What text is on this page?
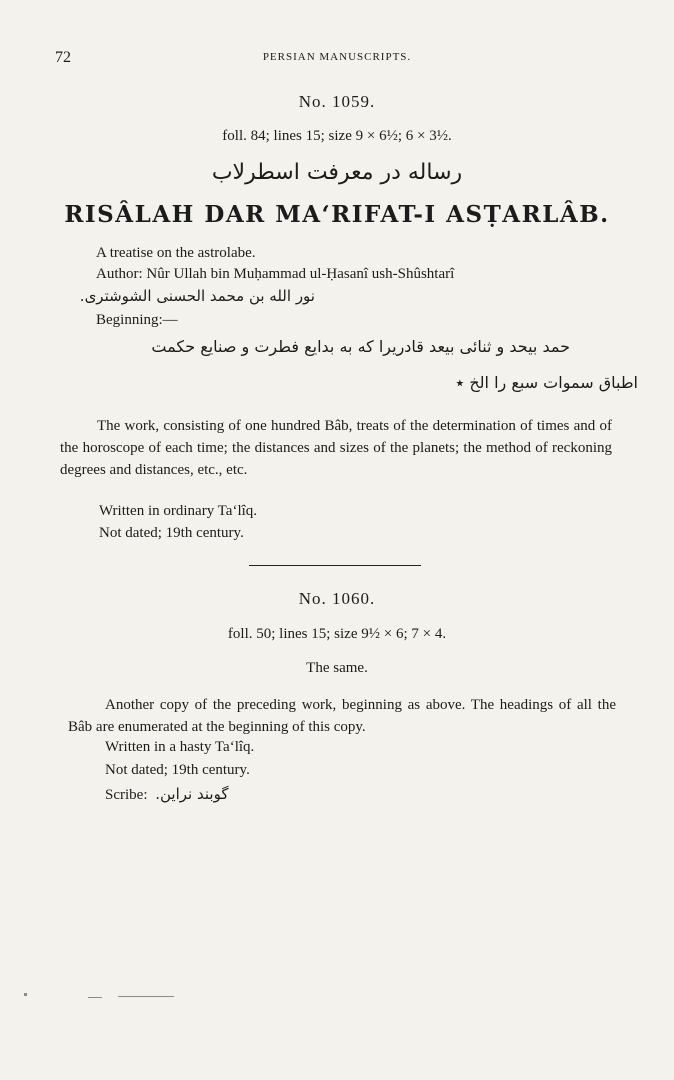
72	PERSIAN MANUSCRIPTS.
No. 1059.
foll. 84; lines 15; size 9 × 6½; 6 × 3½.
رساله در معرفت اسطرلاب
RISÂLAH DAR MA‘RIFAT-I ASṬARLÂB.
A treatise on the astrolabe.
Author: Nûr Ullah bin Muḥammad ul-Ḥasanî ush-Shûshtarî
نور الله بن محمد الحسنى الشوشترى.
Beginning:—
حمد بيحد و ثنائى بيعد قادريرا كه به بدايع فطرت و صنايع حكمت
اطباق سموات سبع را الخ ٭

The work, consisting of one hundred Bâb, treats of the determination of times and of the horoscope of each time; the distances and sizes of the planets; the method of reckoning degrees and distances, etc., etc.

Written in ordinary Ta‘lîq.
Not dated; 19th century.
No. 1060.
foll. 50; lines 15; size 9½ × 6; 7 × 4.
The same.

Another copy of the preceding work, beginning as above. The headings of all the Bâb are enumerated at the beginning of this copy.

Written in a hasty Ta‘lîq.
Not dated; 19th century.
Scribe: گوبند نراين.
